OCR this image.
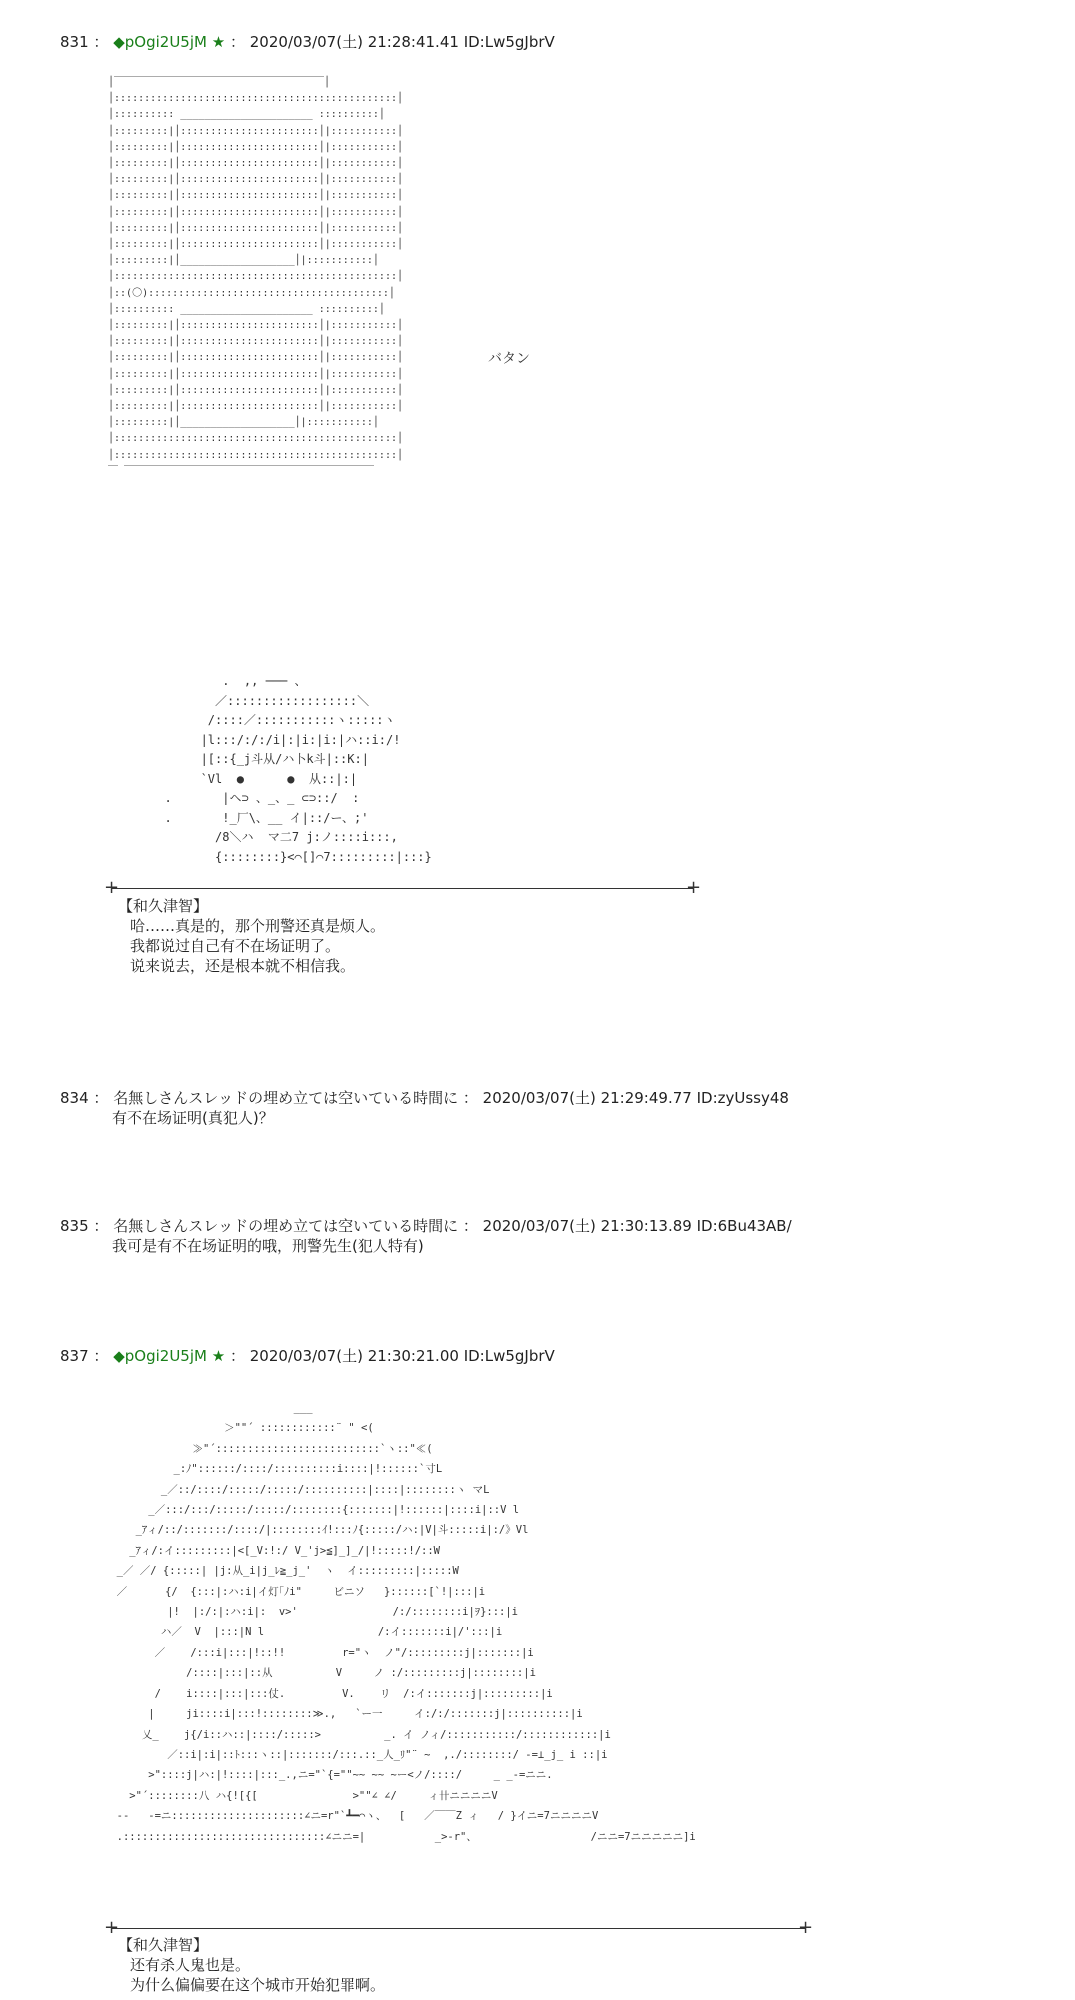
831 ： ◆pOgi2U5jM ★ ： 2020/03/07(土) 21:28:41.41 ID:Lw5gJbrV
│￣￣￣￣￣￣￣￣￣￣￣￣￣￣￣￣￣￣￣￣￣│
│:::::::::::::::::::::::::::::::::::::::::::::::│
│:::::::::: ______________________ ::::::::::│
│:::::::::|│:::::::::::::::::::::::│|:::::::::::│
│:::::::::|│:::::::::::::::::::::::│|:::::::::::│
│:::::::::|│:::::::::::::::::::::::│|:::::::::::│
│:::::::::|│:::::::::::::::::::::::│|:::::::::::│
│:::::::::|│:::::::::::::::::::::::│|:::::::::::│
│:::::::::|│:::::::::::::::::::::::│|:::::::::::│
│:::::::::|│:::::::::::::::::::::::│|:::::::::::│
│:::::::::|│:::::::::::::::::::::::│|:::::::::::│
│:::::::::|│___________________│|:::::::::::│
│:::::::::::::::::::::::::::::::::::::::::::::::│
│::(〇)::::::::::::::::::::::::::::::::::::::::│
│:::::::::: ______________________ ::::::::::│
│:::::::::|│:::::::::::::::::::::::│|:::::::::::│
│:::::::::|│:::::::::::::::::::::::│|:::::::::::│
│:::::::::|│:::::::::::::::::::::::│|:::::::::::│
│:::::::::|│:::::::::::::::::::::::│|:::::::::::│
│:::::::::|│:::::::::::::::::::::::│|:::::::::::│
│:::::::::|│:::::::::::::::::::::::│|:::::::::::│
│:::::::::|│___________________│|:::::::::::│
│:::::::::::::::::::::::::::::::::::::::::::::::│
│:::::::::::::::::::::::::::::::::::::::::::::::│
￣ ￣￣￣￣￣￣￣￣￣￣￣￣￣￣￣￣￣￣￣￣￣￣￣￣￣
バタン
.  ,, ─── 、
／::::::::::::::::::＼
/::::／:::::::::::ヽ:::::ヽ
|l:::/:/:/i|:|i:|i:|ハ::i:/!
|[::{_j斗从/ハ卜k斗|::K:|
`Vl  ●      ●  从::|:|
.       |ヘ⊃ 、_、_ ⊂⊃::/  :
.       !_厂\、__ イ|::/ー、;'
/8＼ハ  マ二7 j:ノ::::i:::,
{::::::::}<⌒[]⌒7:::::::::|:::}
+	+
【和久津智】
哈……真是的，那个刑警还真是烦人。
我都说过自己有不在场证明了。
说来说去，还是根本就不相信我。
834 ： 名無しさんスレッドの埋め立ては空いている時間に ： 2020/03/07(土) 21:29:49.77 ID:zyUssy48
有不在场证明(真犯人)？
835 ： 名無しさんスレッドの埋め立ては空いている時間に ： 2020/03/07(土) 21:30:13.89 ID:6Bu43AB/
我可是有不在场证明的哦，刑警先生(犯人特有)
837 ： ◆pOgi2U5jM ★ ： 2020/03/07(土) 21:30:21.00 ID:Lw5gJbrV
___
＞""´ ::::::::::::¨ " <(
≫"´::::::::::::::::::::::::::`ヽ::"≪(
_:ﾉ"::::::/::::/::::::::::i::::|!::::::`寸L
_／::/::::/:::::/:::::/::::::::::|::::|::::::::ヽ マL
_／:::/:::/:::::/:::::/::::::::{:::::::|!::::::|::::i|::V l
_ｱィ/::/:::::::/::::/|::::::::ｲ!:::ﾉ{:::::/ハ:|V|斗:::::i|:/》Vl
_ｱィ/:イ:::::::::|<[_V:!:/ V_'j>≦]_]_/|!:::::!/::W
_／ ／/ {:::::| |j:从_i|j_ﾚ≧_j_'  ヽ  イ:::::::::|:::::W
／      {/  {:::|:ハ:i|イ灯｢ﾉi"     ビニソ   }::::::[`!|:::|i
|!  |:/:|:ハ:i|:  v>'               /:/::::::::i|ｦ}:::|i
ハ／  V  |:::|N l                  /:イ:::::::i|/':::|i
／    /:::i|:::|!::!!         r="ヽ  ノ"/:::::::::j|:::::::|i
/::::|:::|::从          V     ノ :/:::::::::j|::::::::|i
/    i::::|:::|:::仗.         V.    リ  /:イ:::::::j|:::::::::|i
|     ji::::i|:::!::::::::≫.,   `ー一     イ:/:/:::::::j|::::::::::|i
乂_    j{/i::ハ::|::::/:::::>          _. イ ノィ/:::::::::::/::::::::::::|i
／::i|:i|::ﾄ:::ヽ::|:::::::/:::.::_人_ﾘ"¨ ~  ,./::::::::/ -=⊥_j_ i ::|i
>"::::j|ハ:|!::::|:::_.,ニ="`{=""~~ ~~ ~ー<ノ/::::/     _ _-=ニニ.
>"´::::::::八 ハ{![{[               >""∠ ∠/     ィ卄ニニニニV
--   -=ニ:::::::::::::::::::::∠ニ=r"`┻━⌒ヽ、  [   ／￣￣Z ィ   / }イニ=7ニニニニV
.::::::::::::::::::::::::::::::::∠ニニ=|           _>-r"、                  /ニニ=7ニニニニニ]i
+	+
【和久津智】
还有杀人鬼也是。
为什么偏偏要在这个城市开始犯罪啊。
